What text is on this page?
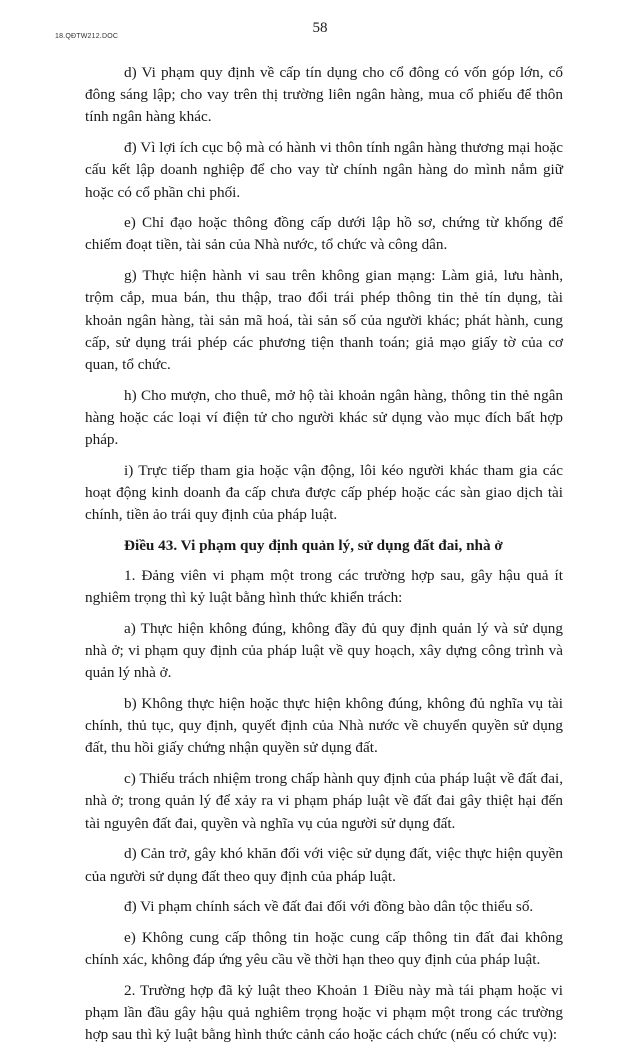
18.QĐTW212.DOC
58

d) Vi phạm quy định về cấp tín dụng cho cổ đông có vốn góp lớn, cổ đông sáng lập; cho vay trên thị trường liên ngân hàng, mua cổ phiếu để thôn tính ngân hàng khác.

đ) Vì lợi ích cục bộ mà có hành vi thôn tính ngân hàng thương mại hoặc cấu kết lập doanh nghiệp để cho vay từ chính ngân hàng do mình nắm giữ hoặc có cổ phần chi phối.

e) Chỉ đạo hoặc thông đồng cấp dưới lập hồ sơ, chứng từ khống để chiếm đoạt tiền, tài sản của Nhà nước, tổ chức và công dân.

g) Thực hiện hành vi sau trên không gian mạng: Làm giả, lưu hành, trộm cắp, mua bán, thu thập, trao đổi trái phép thông tin thẻ tín dụng, tài khoản ngân hàng, tài sản mã hoá, tài sản số của người khác; phát hành, cung cấp, sử dụng trái phép các phương tiện thanh toán; giả mạo giấy tờ của cơ quan, tổ chức.

h) Cho mượn, cho thuê, mở hộ tài khoản ngân hàng, thông tin thẻ ngân hàng hoặc các loại ví điện tử cho người khác sử dụng vào mục đích bất hợp pháp.

i) Trực tiếp tham gia hoặc vận động, lôi kéo người khác tham gia các hoạt động kinh doanh đa cấp chưa được cấp phép hoặc các sàn giao dịch tài chính, tiền ảo trái quy định của pháp luật.

Điều 43. Vi phạm quy định quản lý, sử dụng đất đai, nhà ở

1. Đảng viên vi phạm một trong các trường hợp sau, gây hậu quả ít nghiêm trọng thì kỷ luật bằng hình thức khiển trách:

a) Thực hiện không đúng, không đầy đủ quy định quản lý và sử dụng nhà ở; vi phạm quy định của pháp luật về quy hoạch, xây dựng công trình và quản lý nhà ở.

b) Không thực hiện hoặc thực hiện không đúng, không đủ nghĩa vụ tài chính, thủ tục, quy định, quyết định của Nhà nước về chuyển quyền sử dụng đất, thu hồi giấy chứng nhận quyền sử dụng đất.

c) Thiếu trách nhiệm trong chấp hành quy định của pháp luật về đất đai, nhà ở; trong quản lý để xảy ra vi phạm pháp luật về đất đai gây thiệt hại đến tài nguyên đất đai, quyền và nghĩa vụ của người sử dụng đất.

d) Cản trở, gây khó khăn đối với việc sử dụng đất, việc thực hiện quyền của người sử dụng đất theo quy định của pháp luật.

đ) Vi phạm chính sách về đất đai đối với đồng bào dân tộc thiểu số.

e) Không cung cấp thông tin hoặc cung cấp thông tin đất đai không chính xác, không đáp ứng yêu cầu về thời hạn theo quy định của pháp luật.

2. Trường hợp đã kỷ luật theo Khoản 1 Điều này mà tái phạm hoặc vi phạm lần đầu gây hậu quả nghiêm trọng hoặc vi phạm một trong các trường hợp sau thì kỷ luật bằng hình thức cảnh cáo hoặc cách chức (nếu có chức vụ):
